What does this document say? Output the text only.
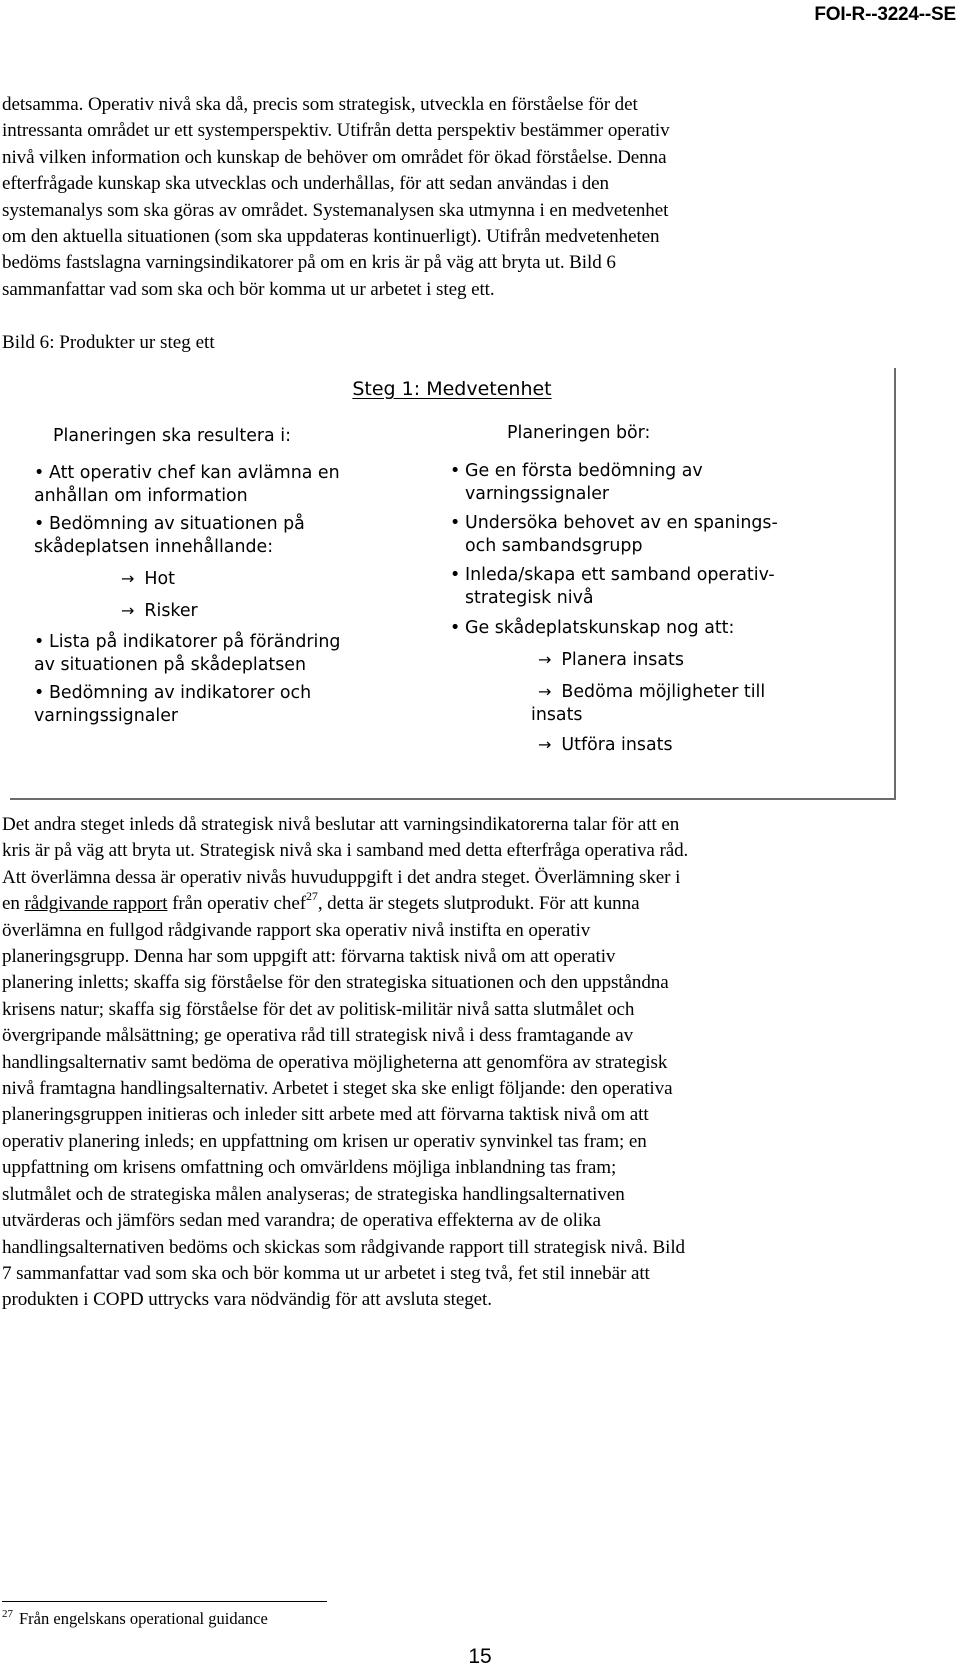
FOI-R--3224--SE
detsamma. Operativ nivå ska då, precis som strategisk, utveckla en förståelse för det
intressanta området ur ett systemperspektiv. Utifrån detta perspektiv bestämmer operativ
nivå vilken information och kunskap de behöver om området för ökad förståelse. Denna
efterfrågade kunskap ska utvecklas och underhållas, för att sedan användas i den
systemanalys som ska göras av området. Systemanalysen ska utmynna i en medvetenhet
om den aktuella situationen (som ska uppdateras kontinuerligt). Utifrån medvetenheten
bedöms fastslagna varningsindikatorer på om en kris är på väg att bryta ut. Bild 6
sammanfattar vad som ska och bör komma ut ur arbetet i steg ett.
Bild 6: Produkter ur steg ett
Steg 1: Medvetenhet
Planeringen ska resultera i:	Planeringen bör:
• Att operativ chef kan avlämna en
anhållan om information
• Bedömning av situationen på
skådeplatsen innehållande:
→ Hot
→ Risker
• Lista på indikatorer på förändring
av situationen på skådeplatsen
• Bedömning av indikatorer och
varningssignaler
• Ge en första bedömning av
varningssignaler
• Undersöka behovet av en spanings-
och sambandsgrupp
• Inleda/skapa ett samband operativ-
strategisk nivå
• Ge skådeplatskunskap nog att:
→ Planera insats
→ Bedöma möjligheter till
insats
→ Utföra insats
Det andra steget inleds då strategisk nivå beslutar att varningsindikatorerna talar för att en
kris är på väg att bryta ut. Strategisk nivå ska i samband med detta efterfråga operativa råd.
Att överlämna dessa är operativ nivås huvuduppgift i det andra steget. Överlämning sker i
en rådgivande rapport från operativ chef$^{27}$, detta är stegets slutprodukt. För att kunna
överlämna en fullgod rådgivande rapport ska operativ nivå instifta en operativ
planeringsgrupp. Denna har som uppgift att: förvarna taktisk nivå om att operativ
planering inletts; skaffa sig förståelse för den strategiska situationen och den uppståndna
krisens natur; skaffa sig förståelse för det av politisk-militär nivå satta slutmålet och
övergripande målsättning; ge operativa råd till strategisk nivå i dess framtagande av
handlingsalternativ samt bedöma de operativa möjligheterna att genomföra av strategisk
nivå framtagna handlingsalternativ. Arbetet i steget ska ske enligt följande: den operativa
planeringsgruppen initieras och inleder sitt arbete med att förvarna taktisk nivå om att
operativ planering inleds; en uppfattning om krisen ur operativ synvinkel tas fram; en
uppfattning om krisens omfattning och omvärldens möjliga inblandning tas fram;
slutmålet och de strategiska målen analyseras; de strategiska handlingsalternativen
utvärderas och jämförs sedan med varandra; de operativa effekterna av de olika
handlingsalternativen bedöms och skickas som rådgivande rapport till strategisk nivå. Bild
7 sammanfattar vad som ska och bör komma ut ur arbetet i steg två, fet stil innebär att
produkten i COPD uttrycks vara nödvändig för att avsluta steget.
$^{27}$ Från engelskans operational guidance
15
